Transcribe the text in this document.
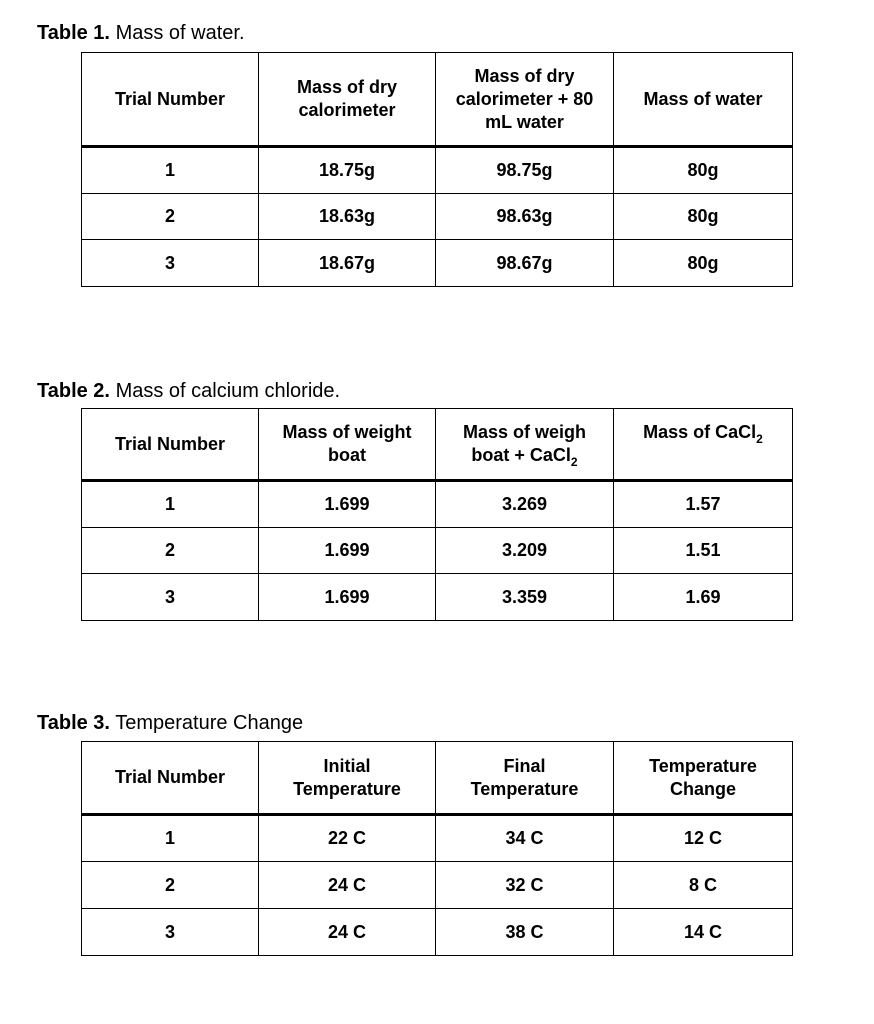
Table 1. Mass of water.
Trial Number	Mass of dry calorimeter	Mass of dry calorimeter + 80 mL water	Mass of water
1	18.75g	98.75g	80g
2	18.63g	98.63g	80g
3	18.67g	98.67g	80g
Table 2. Mass of calcium chloride.
Trial Number	Mass of weight boat	Mass of weigh boat + CaCl$_2$	Mass of CaCl$_2$
1	1.699	3.269	1.57
2	1.699	3.209	1.51
3	1.699	3.359	1.69
Table 3. Temperature Change
Trial Number	Initial Temperature	Final Temperature	Temperature Change

1	22 C	34 C	12 C
2	24 C	32 C	8 C
3	24 C	38 C	14 C
